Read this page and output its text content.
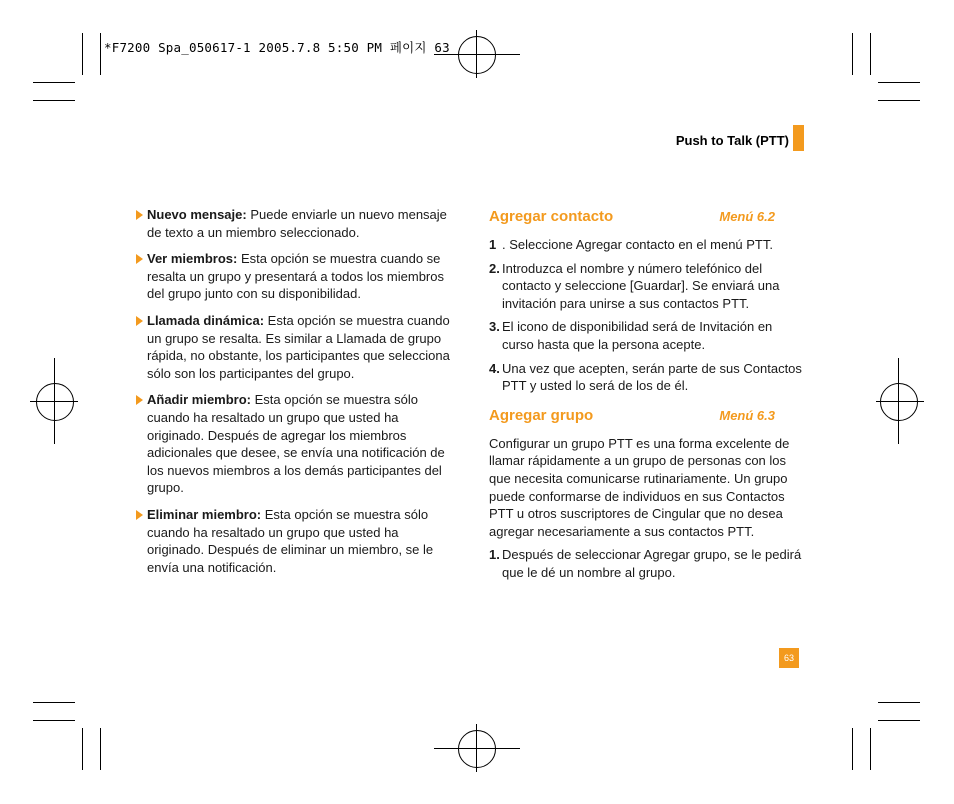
*F7200 Spa_050617-1 2005.7.8 5:50 PM 페이지 63
Push to Talk (PTT)
Nuevo mensaje: Puede enviarle un nuevo mensaje de texto a un miembro seleccionado.
Ver miembros: Esta opción se muestra cuando se resalta un grupo y presentará a todos los miembros del grupo junto con su disponibilidad.
Llamada dinámica: Esta opción se muestra cuando un grupo se resalta. Es similar a Llamada de grupo rápida, no obstante, los participantes que selecciona sólo son los participantes del grupo.
Añadir miembro: Esta opción se muestra sólo cuando ha resaltado un grupo que usted ha originado. Después de agregar los miembros adicionales que desee, se envía una notificación de los nuevos miembros a los demás participantes del grupo.
Eliminar miembro: Esta opción se muestra sólo cuando ha resaltado un grupo que usted ha originado. Después de eliminar un miembro, se le envía una notificación.
Agregar contacto	Menú 6.2
1 . Seleccione Agregar contacto en el menú PTT.
2. Introduzca el nombre y número telefónico del contacto y seleccione [Guardar]. Se enviará una invitación para unirse a sus contactos PTT.
3. El icono de disponibilidad será de Invitación en curso hasta que la persona acepte.
4. Una vez que acepten, serán parte de sus Contactos PTT y usted lo será de los de él.
Agregar grupo	Menú 6.3
Configurar un grupo PTT es una forma excelente de llamar rápidamente a un grupo de personas con los que necesita comunicarse rutinariamente. Un grupo puede conformarse de individuos en sus Contactos PTT u otros suscriptores de Cingular que no desea agregar necesariamente a sus contactos PTT.
1. Después de seleccionar Agregar grupo, se le pedirá que le dé un nombre al grupo.
63
